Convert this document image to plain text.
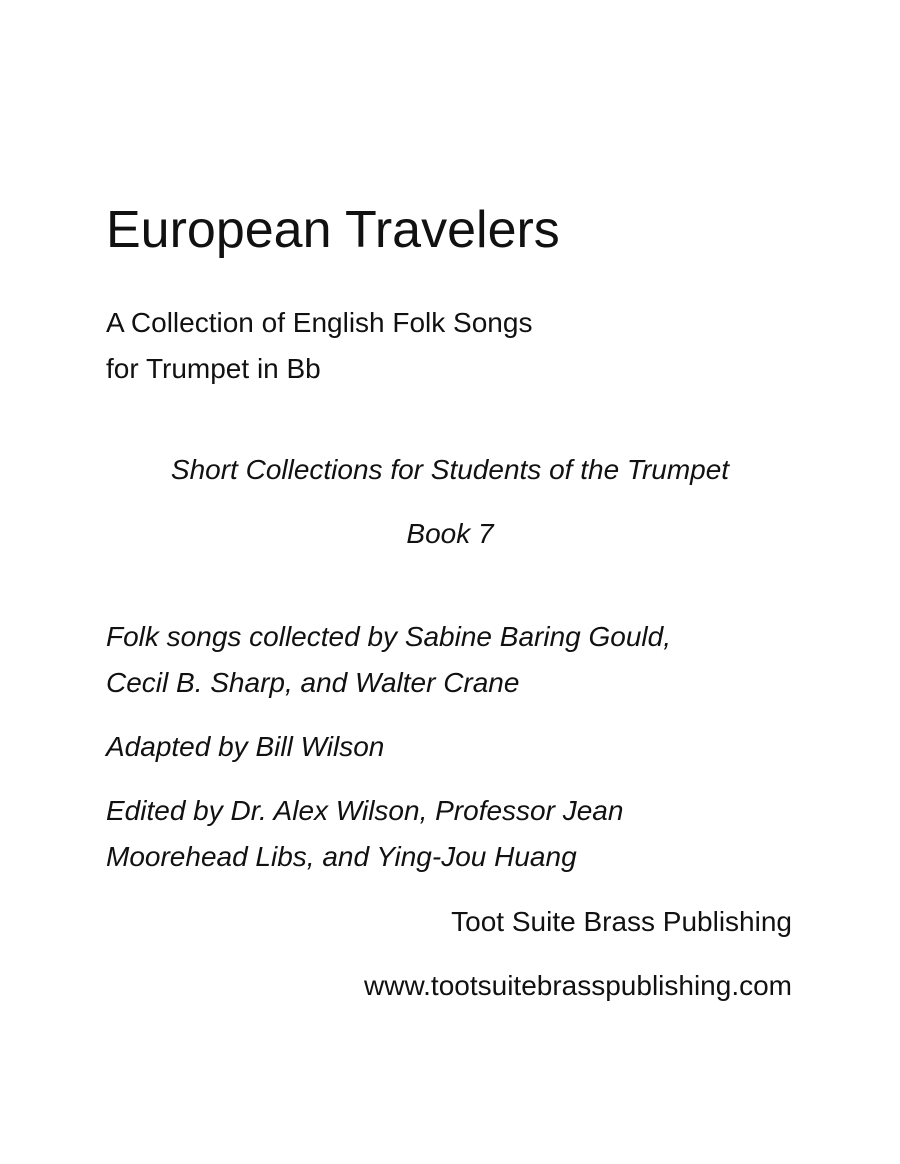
European Travelers
A Collection of English Folk Songs
for Trumpet in Bb
Short Collections for Students of the Trumpet
Book 7

Folk songs collected by Sabine Baring Gould,
Cecil B. Sharp, and Walter Crane

Adapted by Bill Wilson

Edited by Dr. Alex Wilson, Professor Jean
Moorehead Libs, and Ying-Jou Huang

Toot Suite Brass Publishing
www.tootsuitebrasspublishing.com
